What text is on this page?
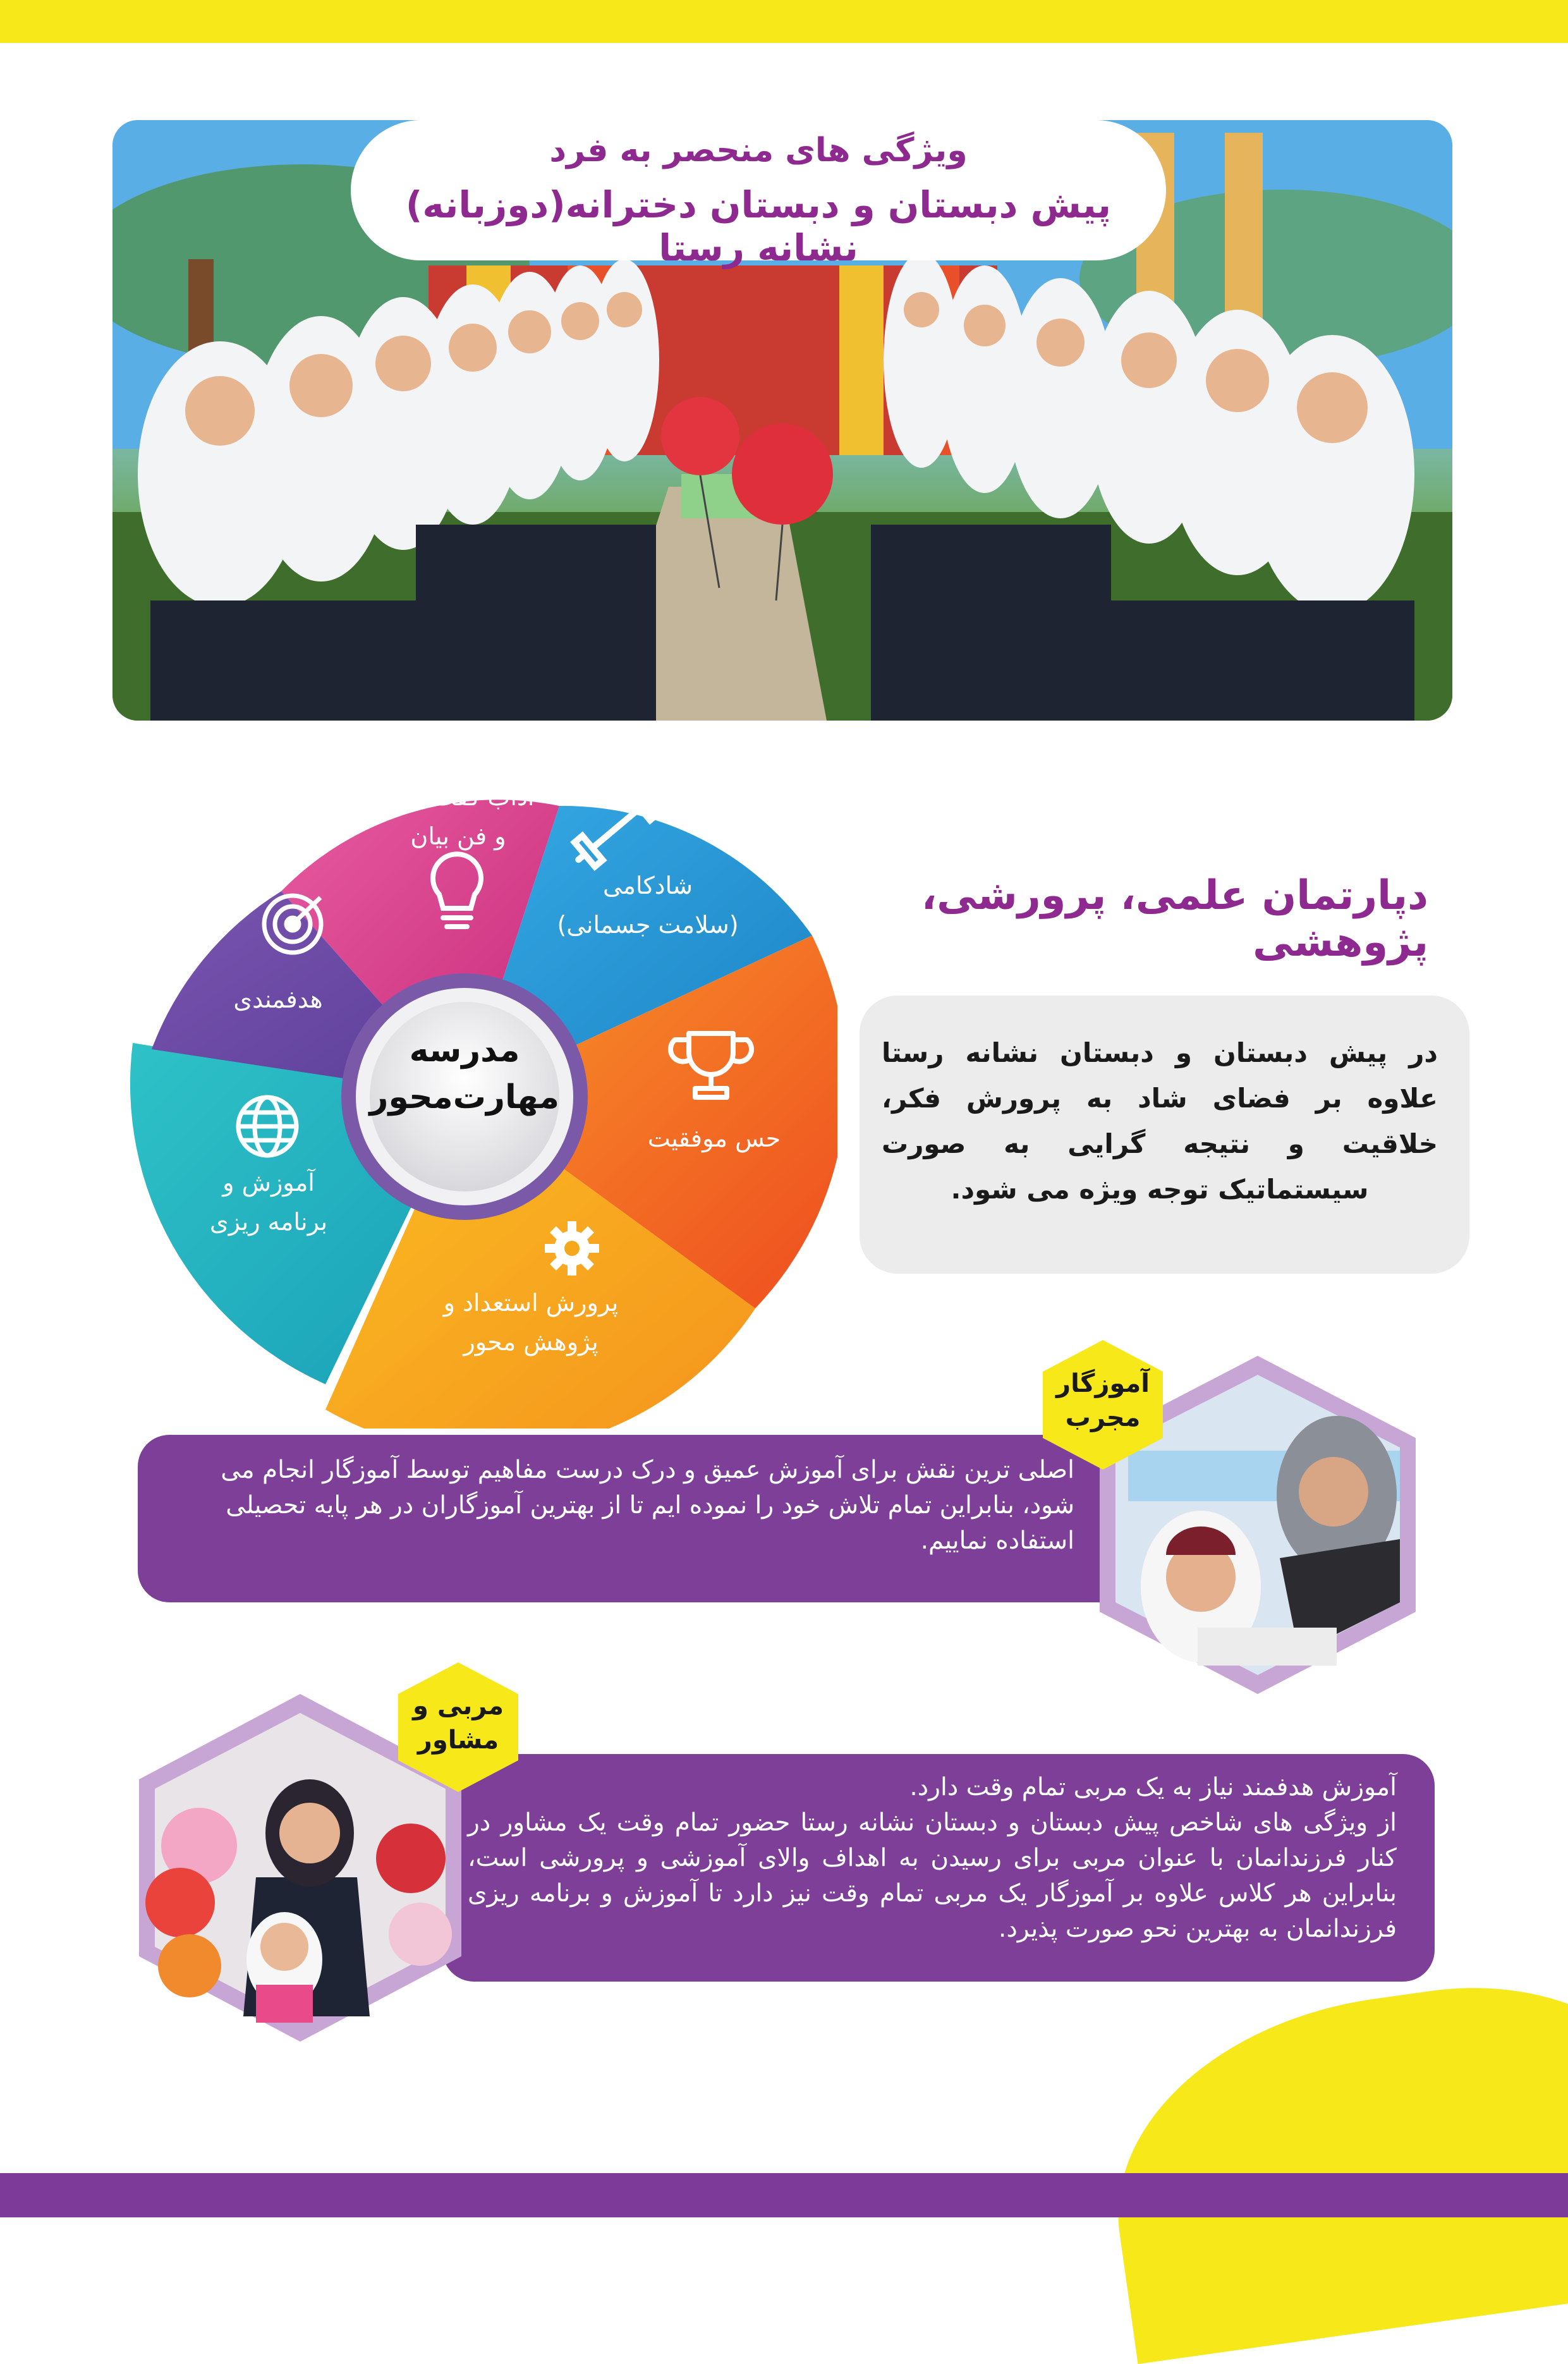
ویژگی های منحصر به فرد
پیش دبستان و دبستان دخترانه(دوزبانه) نشانه رستا
آداب گفت و گو
و فن بیان
شادکامی
(سلامت جسمانی)
حس موفقیت
پرورش استعداد و
پژوهش محور
آموزش و
برنامه ریزی
هدفمندی
مدرسه
مهارت‌محور
دپارتمان علمی، پرورشی، پژوهشی
در پیش دبستان و دبستان نشانه رستا علاوه بر فضای شاد به پرورش فکر، خلاقیت و نتیجه گرایی به صورت سیستماتیک توجه ویژه می شود.
اصلی ترین نقش برای آموزش عمیق و درک درست مفاهیم توسط آموزگار انجام می شود، بنابراین تمام تلاش خود را نموده ایم تا از بهترین آموزگاران در هر پایه تحصیلی استفاده نماییم.
آموزگار
مجرب
آموزش هدفمند نیاز به یک مربی تمام وقت دارد.
از ویژگی های شاخص پیش دبستان و دبستان نشانه رستا حضور تمام وقت یک مشاور در کنار فرزندانمان با عنوان مربی برای رسیدن به اهداف والای آموزشی و پرورشی است، بنابراین هر کلاس علاوه بر آموزگار یک مربی تمام وقت نیز دارد تا آموزش و برنامه ریزی فرزندانمان به بهترین نحو صورت پذیرد.
مربی و
مشاور
